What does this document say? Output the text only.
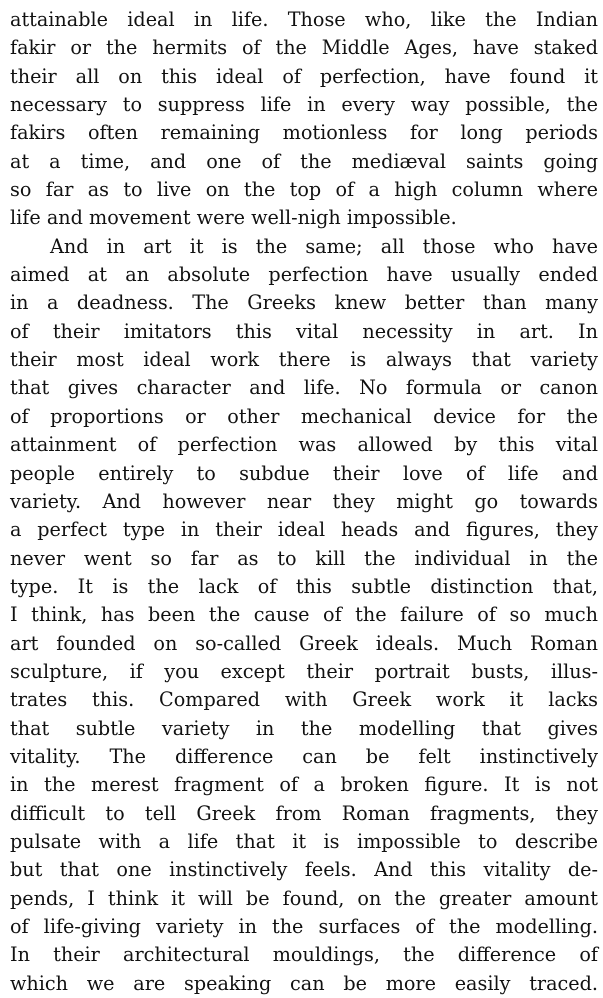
attainable ideal in life. Those who, like the Indian
fakir or the hermits of the Middle Ages, have staked
their all on this ideal of perfection, have found it
necessary to suppress life in every way possible, the
fakirs often remaining motionless for long periods
at a time, and one of the mediæval saints going
so far as to live on the top of a high column where
life and movement were well-nigh impossible.
And in art it is the same; all those who have
aimed at an absolute perfection have usually ended
in a deadness. The Greeks knew better than many
of their imitators this vital necessity in art. In
their most ideal work there is always that variety
that gives character and life. No formula or canon
of proportions or other mechanical device for the
attainment of perfection was allowed by this vital
people entirely to subdue their love of life and
variety. And however near they might go towards
a perfect type in their ideal heads and figures, they
never went so far as to kill the individual in the
type. It is the lack of this subtle distinction that,
I think, has been the cause of the failure of so much
art founded on so-called Greek ideals. Much Roman
sculpture, if you except their portrait busts, illus-
trates this. Compared with Greek work it lacks
that subtle variety in the modelling that gives
vitality. The difference can be felt instinctively
in the merest fragment of a broken figure. It is not
difficult to tell Greek from Roman fragments, they
pulsate with a life that it is impossible to describe
but that one instinctively feels. And this vitality de-
pends, I think it will be found, on the greater amount
of life-giving variety in the surfaces of the modelling.
In their architectural mouldings, the difference of
which we are speaking can be more easily traced.
